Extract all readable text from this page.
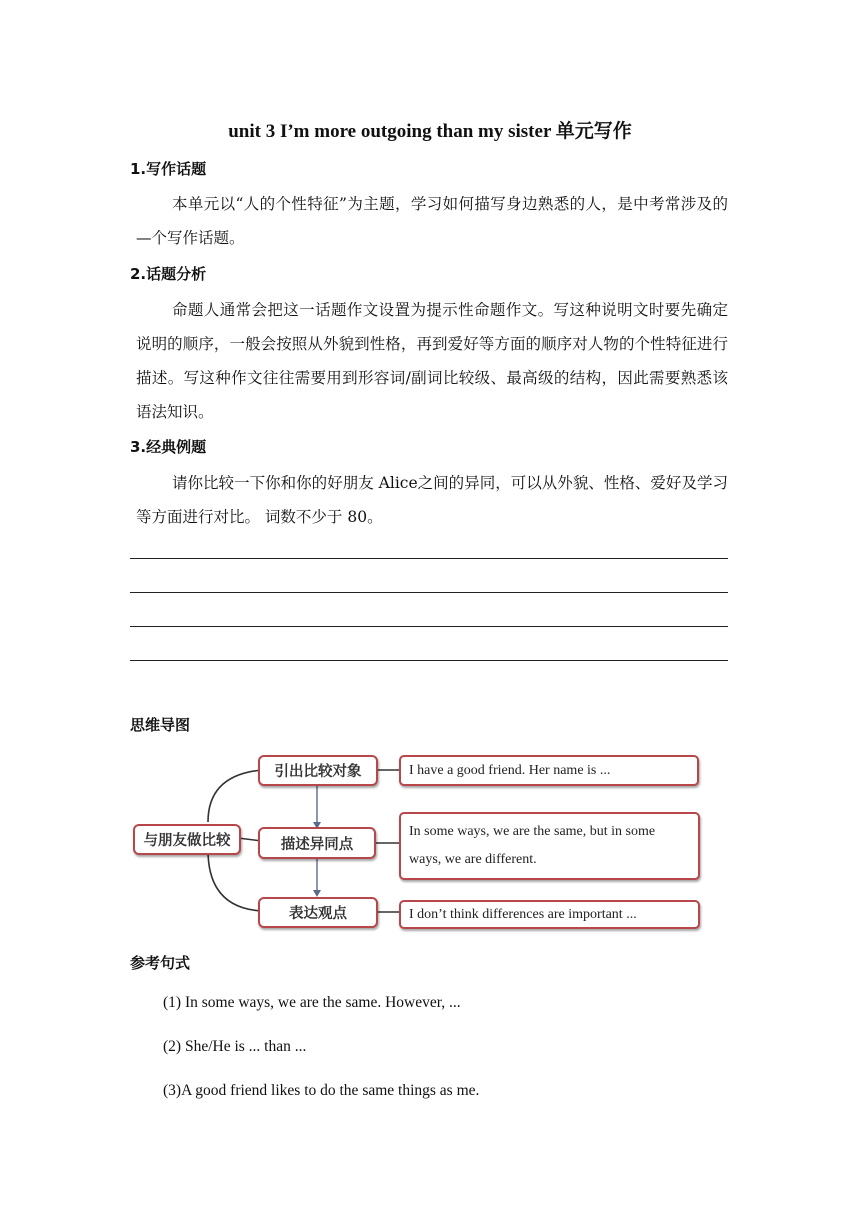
unit 3 I’m more outgoing than my sister 单元写作
1.写作话题
本单元以“人的个性特征”为主题，学习如何描写身边熟悉的人，是中考常涉及的—个写作话题。
2.话题分析
命题人通常会把这一话题作文设置为提示性命题作文。写这种说明文时要先确定说明的顺序，一般会按照从外貌到性格，再到爱好等方面的顺序对人物的个性特征进行描述。写这种作文往往需要用到形容词/副词比较级、最高级的结构，因此需要熟悉该语法知识。
3.经典例题
请你比较一下你和你的好朋友 Alice之间的异同，可以从外貌、性格、爱好及学习等方面进行对比。 词数不少于 80。
思维导图
与朋友做比较
引出比较对象
描述异同点
表达观点
I have a good friend. Her name is ...
In some ways, we are the same, but in some ways, we are different.
I don’t think differences are important ...
参考句式
(1) In some ways, we are the same. However, ...
(2) She/He is ... than ...
(3)A good friend likes to do the same things as me.
